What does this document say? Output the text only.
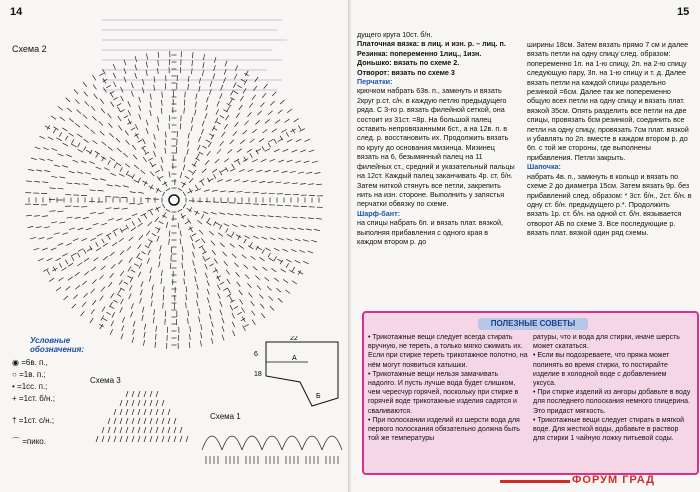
14
Схема 2
Условные обозначения:
◉ =6в. п.,
○ =1в. п.;
• =1сс. п.;
+ =1ст. б/н.;
† =1ст. с/н.;
⌒ =пико.
Схема 3
Схема 1
22
А
Б
6
18
15

дущего круга 10ст. б/н.

Платочная вязка: в лиц. и изн. р. – лиц. п.

Резинка: попеременно 1лиц., 1изн.

Доньшко: вязать по схеме 2.

Отворот: вязать по схеме 3

Перчатки:

крючком набрать 63в. п., замкнуть и вязать 2круг р.ст. с/н. в каждую петлю предыдущего ряда. С 3-го р. вязать филейной сеткой, она состоит из 31ст. =8р. На большой палец оставить непровязанными 6ст., а на 12в. п. в след. р. восстановить их. Продолжить вязать по кругу до основания мизинца. Мизинец вязать на 6, безымянный палец на 11 филейных ст., средний и указательный пальцы на 12ст. Каждый палец заканчивать 4р. ст. б/н. Затем ниткой стянуть все петли, закрепить нить на изн. стороне. Выполнить у запястья перчатки обвязку по схеме.

Шарф-бант:

на спицы набрать 6п. и вязать плат. вязкой, выполняя прибавления с одного края в каждом втором р. до

ширины 18см. Затем вязать прямо 7 см и далее вязать петли на одну спицу след. образом: попеременно 1п. на 1-ю спицу, 2п. на 2-ю спицу следующую пару, 3п. на 1-ю спицу и т. д. Далее вязать петли на каждой спицы раздельно резинкой =6см. Далее так же попеременно общую всех петли на одну спицу и вязать плат. вязкой 35см. Опять разделить все петли на две спицы, провязать бсм резинкой, соединить все петли на одну спицу, провязать 7см плат. вязкой и убавлять по 2п. вместе в каждом втором р. до 6п. с той же стороны, где выполнены прибавления. Петли закрыть.

Шапочка:

набрать 4в. п., замкнуть в кольцо и вязать по схеме 2 до диаметра 15см. Затем вязать 9р. без прибавлений след. образом: * 3ст. б/н., 2ст. б/н. в одну ст. б/н. предыдущего р.*. Продолжить вязать 1р. ст. б/н. на одной ст. б/н. вязывается отворот АБ по схеме 3. Все последующие р. вязать плат. вязкой один ряд схемы.

ПОЛЕЗНЫЕ СОВЕТЫ

• Трикотажные вещи следует всегда стирать вручную, не тереть, а только мягко сжимать их. Если при стирке тереть трикотажное полотно, на нём могут появиться катышки.

• Трикотажные вещи нельзя замачивать надолго. И пусть лучше вода будет слишком, чем чересчур горячей, поскольку при стирке в горячей воде трикотажные изделия садятся и сваливаются.

• При полоскании изделий из шерсти вода для первого полоскания обязательно должна быть той же температуры

ратуры, что и вода для стирки, иначе шерсть может скататься.

• Если вы подозреваете, что пряжа может полинять во время стирки, то постирайте изделие в холодной воде с добавлением уксуса.

• При стирке изделий из ангоры добавьте в воду для последнего полоскания немного глицерина. Это придаст мягкость.

• Трикотажные вещи следует стирать в мягкой воде. Для жесткой воды, добавьте в раствор для стирки 1 чайную ложку питьевой соды.

ФОРУМ ГРАД
